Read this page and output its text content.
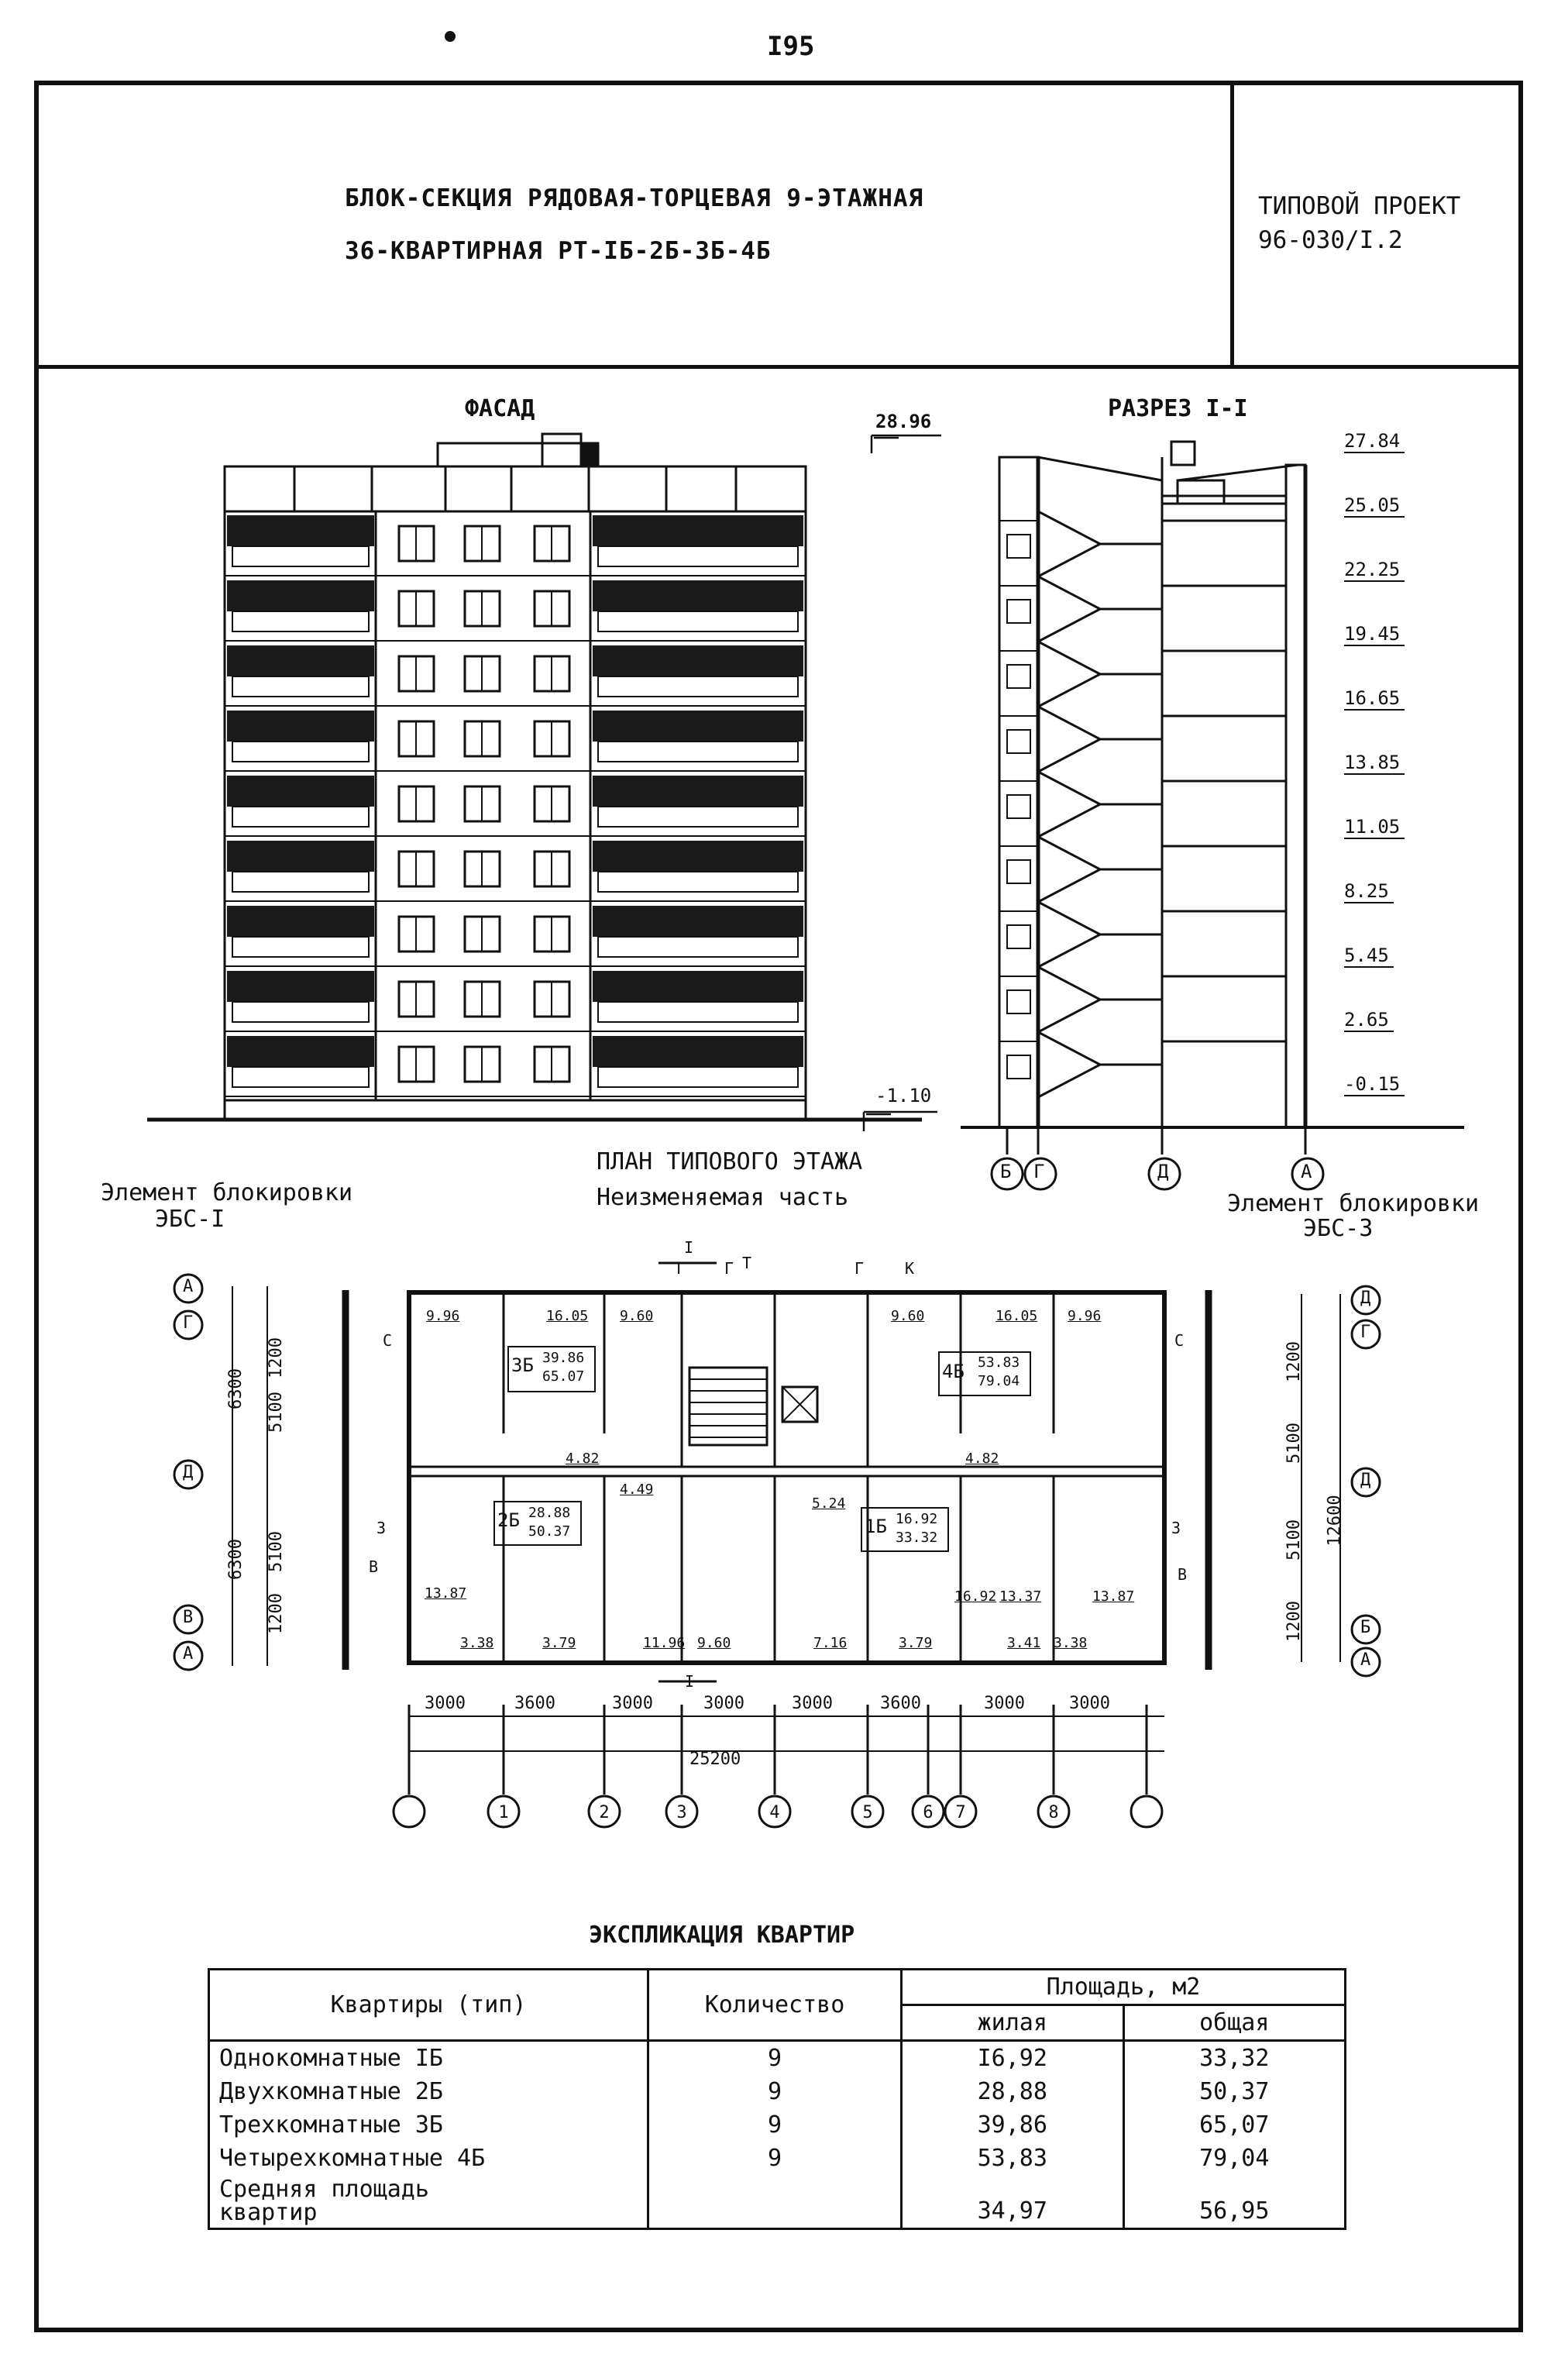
I95
БЛОК-СЕКЦИЯ РЯДОВАЯ-ТОРЦЕВАЯ 9-ЭТАЖНАЯ
36-КВАРТИРНАЯ РТ-IБ-2Б-3Б-4Б
ТИПОВОЙ ПРОЕКТ
96-030/I.2
ФАСАД	РАЗРЕЗ I-I
-1.10
28.96
Б Г	Д	А
27.84
25.05
22.25
19.45
16.65
13.85
11.05
8.25
5.45
2.65
-0.15
ПЛАН ТИПОВОГО ЭТАЖА
Неизменяемая часть
Элемент блокировки
ЭБС-I
Элемент блокировки
ЭБС-3
1	2	3	4	5	6 7	8
А
Г
Д
В
А
Д
Г
Д
Б
А
1200
5100
5100
1200
6300
6300
1200
5100
5100
1200
12600
3Б 39.86
65.07	4Б 53.83
79.04
2Б 28.88
50.37	1Б 16.92
33.32
9.96	16.05 9.60	9.60	16.05 9.96
4.82	4.82
4.49
5.24
13.87
3.38	3.79	11.96 9.60	7.16	3.79
16.92 13.37
3.41 3.38
13.87
I
Г Г Т	Г	К
С	С
З	З
В	В
I
3000	3600	3000	3000	3000	3600	3000	3000
25200
ЭКСПЛИКАЦИЯ КВАРТИР
Квартиры (тип)	Количество	Площадь, м2	
		жилая	общая
Однокомнатные IБ	9	I6,92	33,32
Двухкомнатные 2Б	9	28,88	50,37
Трехкомнатные 3Б	9	39,86	65,07
Четырехкомнатные 4Б	9	53,83	79,04

Средняя площадь
квартир		34,97	56,95
